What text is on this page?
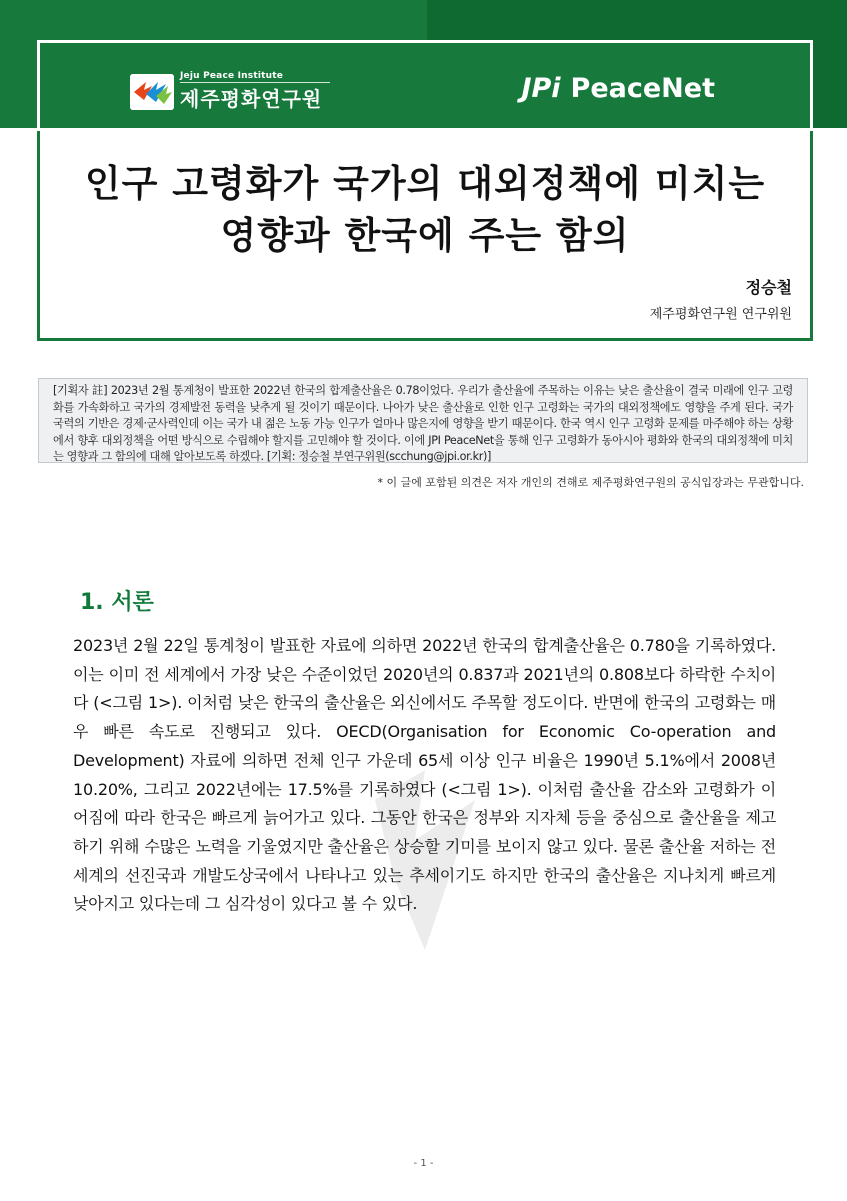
Jeju Peace Institute
제주평화연구원	JPi PeaceNet
인구 고령화가 국가의 대외정책에 미치는
영향과 한국에 주는 함의
정승철
제주평화연구원 연구위원
[기획자 註] 2023년 2월 통계청이 발표한 2022년 한국의 합계출산율은 0.78이었다. 우리가 출산율에 주목하는 이유는 낮은 출산율이 결국 미래에 인구 고령화를 가속화하고 국가의 경제발전 동력을 낮추게 될 것이기 때문이다. 나아가 낮은 출산율로 인한 인구 고령화는 국가의 대외정책에도 영향을 주게 된다. 국가 국력의 기반은 경제·군사력인데 이는 국가 내 젊은 노동 가능 인구가 얼마나 많은지에 영향을 받기 때문이다. 한국 역시 인구 고령화 문제를 마주해야 하는 상황에서 향후 대외정책을 어떤 방식으로 수립해야 할지를 고민해야 할 것이다. 이에 JPI PeaceNet을 통해 인구 고령화가 동아시아 평화와 한국의 대외정책에 미치는 영향과 그 함의에 대해 알아보도록 하겠다. [기획: 정승철 부연구위원(scchung@jpi.or.kr)]
* 이 글에 포함된 의견은 저자 개인의 견해로 제주평화연구원의 공식입장과는 무관합니다.
1. 서론
2023년 2월 22일 통계청이 발표한 자료에 의하면 2022년 한국의 합계출산율은 0.780을 기록하였다. 이는 이미 전 세계에서 가장 낮은 수준이었던 2020년의 0.837과 2021년의 0.808보다 하락한 수치이다 (<그림 1>). 이처럼 낮은 한국의 출산율은 외신에서도 주목할 정도이다. 반면에 한국의 고령화는 매우 빠른 속도로 진행되고 있다. OECD(Organisation for Economic Co-operation and Development) 자료에 의하면 전체 인구 가운데 65세 이상 인구 비율은 1990년 5.1%에서 2008년 10.20%, 그리고 2022년에는 17.5%를 기록하였다 (<그림 1>). 이처럼 출산율 감소와 고령화가 이어짐에 따라 한국은 빠르게 늙어가고 있다. 그동안 한국은 정부와 지자체 등을 중심으로 출산율을 제고하기 위해 수많은 노력을 기울였지만 출산율은 상승할 기미를 보이지 않고 있다. 물론 출산율 저하는 전 세계의 선진국과 개발도상국에서 나타나고 있는 추세이기도 하지만 한국의 출산율은 지나치게 빠르게 낮아지고 있다는데 그 심각성이 있다고 볼 수 있다.
- 1 -
